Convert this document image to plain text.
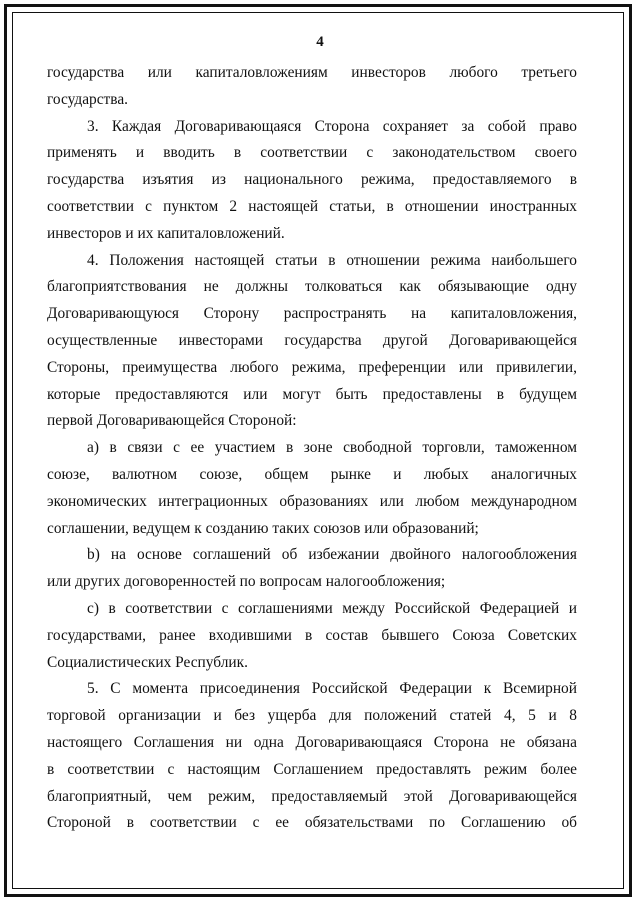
4
государства или капиталовложениям инвесторов любого третьего
государства.
3. Каждая Договаривающаяся Сторона сохраняет за собой право
применять и вводить в соответствии с законодательством своего
государства изъятия из национального режима, предоставляемого в
соответствии с пунктом 2 настоящей статьи, в отношении иностранных
инвесторов и их капиталовложений.
4. Положения настоящей статьи в отношении режима наибольшего
благоприятствования не должны толковаться как обязывающие одну
Договаривающуюся Сторону распространять на капиталовложения,
осуществленные инвесторами государства другой Договаривающейся
Стороны, преимущества любого режима, преференции или привилегии,
которые предоставляются или могут быть предоставлены в будущем
первой Договаривающейся Стороной:
а) в связи с ее участием в зоне свободной торговли, таможенном
союзе, валютном союзе, общем рынке и любых аналогичных
экономических интеграционных образованиях или любом международном
соглашении, ведущем к созданию таких союзов или образований;
b) на основе соглашений об избежании двойного налогообложения
или других договоренностей по вопросам налогообложения;
с) в соответствии с соглашениями между Российской Федерацией и
государствами, ранее входившими в состав бывшего Союза Советских
Социалистических Республик.
5. С момента присоединения Российской Федерации к Всемирной
торговой организации и без ущерба для положений статей 4, 5 и 8
настоящего Соглашения ни одна Договаривающаяся Сторона не обязана
в соответствии с настоящим Соглашением предоставлять режим более
благоприятный, чем режим, предоставляемый этой Договаривающейся
Стороной в соответствии с ее обязательствами по Соглашению об
